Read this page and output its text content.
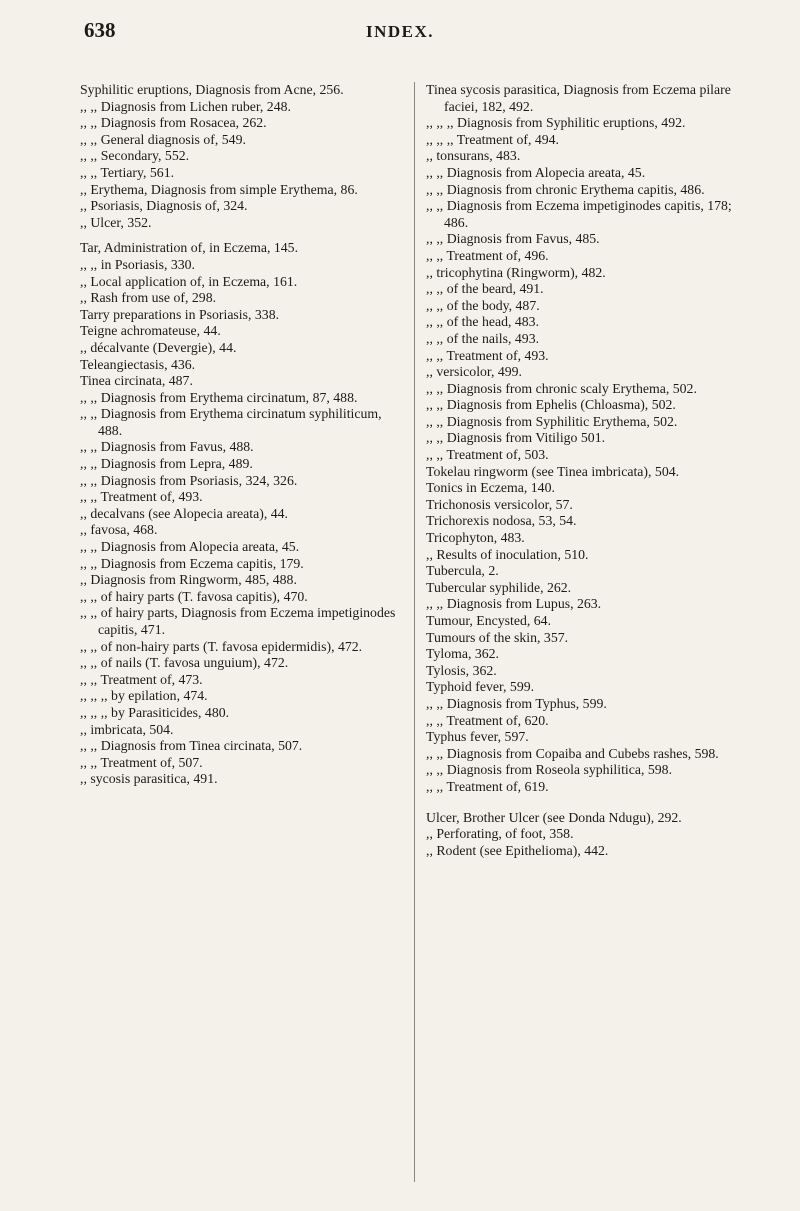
638	INDEX.

Syphilitic eruptions, Diagnosis from Acne, 256.

,, ,, Diagnosis from Lichen ruber, 248.

,, ,, Diagnosis from Rosacea, 262.

,, ,, General diagnosis of, 549.

,, ,, Secondary, 552.

,, ,, Tertiary, 561.

,, Erythema, Diagnosis from simple Erythema, 86.

,, Psoriasis, Diagnosis of, 324.

,, Ulcer, 352.

Tar, Administration of, in Eczema, 145.

,, ,, in Psoriasis, 330.

,, Local application of, in Eczema, 161.

,, Rash from use of, 298.

Tarry preparations in Psoriasis, 338.

Teigne achromateuse, 44.

,, décalvante (Devergie), 44.

Teleangiectasis, 436.

Tinea circinata, 487.

,, ,, Diagnosis from Erythema circinatum, 87, 488.

,, ,, Diagnosis from Erythema circinatum syphiliticum, 488.

,, ,, Diagnosis from Favus, 488.

,, ,, Diagnosis from Lepra, 489.

,, ,, Diagnosis from Psoriasis, 324, 326.

,, ,, Treatment of, 493.

,, decalvans (see Alopecia areata), 44.

,, favosa, 468.

,, ,, Diagnosis from Alopecia areata, 45.

,, ,, Diagnosis from Eczema capitis, 179.

,, Diagnosis from Ringworm, 485, 488.

,, ,, of hairy parts (T. favosa capitis), 470.

,, ,, of hairy parts, Diagnosis from Eczema impetiginodes capitis, 471.

,, ,, of non-hairy parts (T. favosa epidermidis), 472.

,, ,, of nails (T. favosa unguium), 472.

,, ,, Treatment of, 473.

,, ,, ,, by epilation, 474.

,, ,, ,, by Parasiticides, 480.

,, imbricata, 504.

,, ,, Diagnosis from Tinea circinata, 507.

,, ,, Treatment of, 507.

,, sycosis parasitica, 491.

Tinea sycosis parasitica, Diagnosis from Eczema pilare faciei, 182, 492.

,, ,, ,, Diagnosis from Syphilitic eruptions, 492.

,, ,, ,, Treatment of, 494.

,, tonsurans, 483.

,, ,, Diagnosis from Alopecia areata, 45.

,, ,, Diagnosis from chronic Erythema capitis, 486.

,, ,, Diagnosis from Eczema impetiginodes capitis, 178; 486.

,, ,, Diagnosis from Favus, 485.

,, ,, Treatment of, 496.

,, tricophytina (Ringworm), 482.

,, ,, of the beard, 491.

,, ,, of the body, 487.

,, ,, of the head, 483.

,, ,, of the nails, 493.

,, ,, Treatment of, 493.

,, versicolor, 499.

,, ,, Diagnosis from chronic scaly Erythema, 502.

,, ,, Diagnosis from Ephelis (Chloasma), 502.

,, ,, Diagnosis from Syphilitic Erythema, 502.

,, ,, Diagnosis from Vitiligo 501.

,, ,, Treatment of, 503.

Tokelau ringworm (see Tinea imbricata), 504.

Tonics in Eczema, 140.

Trichonosis versicolor, 57.

Trichorexis nodosa, 53, 54.

Tricophyton, 483.

,, Results of inoculation, 510.

Tubercula, 2.

Tubercular syphilide, 262.

,, ,, Diagnosis from Lupus, 263.

Tumour, Encysted, 64.

Tumours of the skin, 357.

Tyloma, 362.

Tylosis, 362.

Typhoid fever, 599.

,, ,, Diagnosis from Typhus, 599.

,, ,, Treatment of, 620.

Typhus fever, 597.

,, ,, Diagnosis from Copaiba and Cubebs rashes, 598.

,, ,, Diagnosis from Roseola syphilitica, 598.

,, ,, Treatment of, 619.

Ulcer, Brother Ulcer (see Donda Ndugu), 292.

,, Perforating, of foot, 358.

,, Rodent (see Epithelioma), 442.
